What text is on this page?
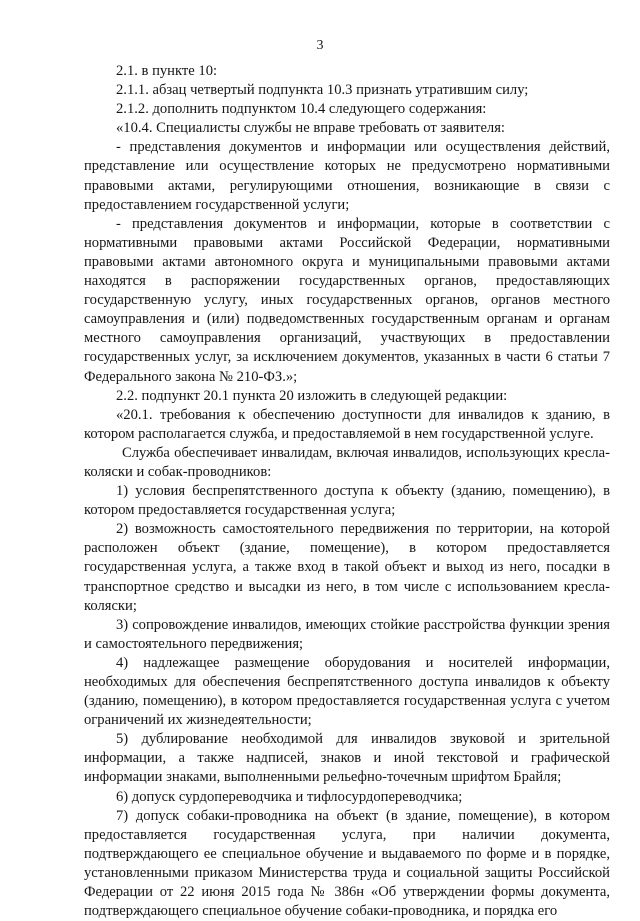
3

2.1. в пункте 10:

2.1.1. абзац четвертый подпункта 10.3 признать утратившим силу;

2.1.2. дополнить подпунктом 10.4 следующего содержания:

«10.4. Специалисты службы не вправе требовать от заявителя:

- представления документов и информации или осуществления действий, представление или осуществление которых не предусмотрено нормативными правовыми актами, регулирующими отношения, возникающие в связи с предоставлением государственной услуги;

- представления документов и информации, которые в соответствии с нормативными правовыми актами Российской Федерации, нормативными правовыми актами автономного округа и муниципальными правовыми актами находятся в распоряжении государственных органов, предоставляющих государственную услугу, иных государственных органов, органов местного самоуправления и (или) подведомственных государственным органам и органам местного самоуправления организаций, участвующих в предоставлении государственных услуг, за исключением документов, указанных в части 6 статьи 7 Федерального закона № 210-ФЗ.»;

2.2. подпункт 20.1 пункта 20 изложить в следующей редакции:

«20.1. требования к обеспечению доступности для инвалидов к зданию, в котором располагается служба, и предоставляемой в нем государственной услуге.

Служба обеспечивает инвалидам, включая инвалидов, использующих кресла-коляски и собак-проводников:

1) условия беспрепятственного доступа к объекту (зданию, помещению), в котором предоставляется государственная услуга;

2) возможность самостоятельного передвижения по территории, на которой расположен объект (здание, помещение), в котором предоставляется государственная услуга, а также вход в такой объект и выход из него, посадки в транспортное средство и высадки из него, в том числе с использованием кресла-коляски;

3) сопровождение инвалидов, имеющих стойкие расстройства функции зрения и самостоятельного передвижения;

4) надлежащее размещение оборудования и носителей информации, необходимых для обеспечения беспрепятственного доступа инвалидов к объекту (зданию, помещению), в котором предоставляется государственная услуга с учетом ограничений их жизнедеятельности;

5) дублирование необходимой для инвалидов звуковой и зрительной информации, а также надписей, знаков и иной текстовой и графической информации знаками, выполненными рельефно-точечным шрифтом Брайля;

6) допуск сурдопереводчика и тифлосурдопереводчика;

7) допуск собаки-проводника на объект (в здание, помещение), в котором предоставляется государственная услуга, при наличии документа, подтверждающего ее специальное обучение и выдаваемого по форме и в порядке, установленными приказом Министерства труда и социальной защиты Российской Федерации от 22 июня 2015 года № 386н «Об утверждении формы документа, подтверждающего специальное обучение собаки-проводника, и порядка его
